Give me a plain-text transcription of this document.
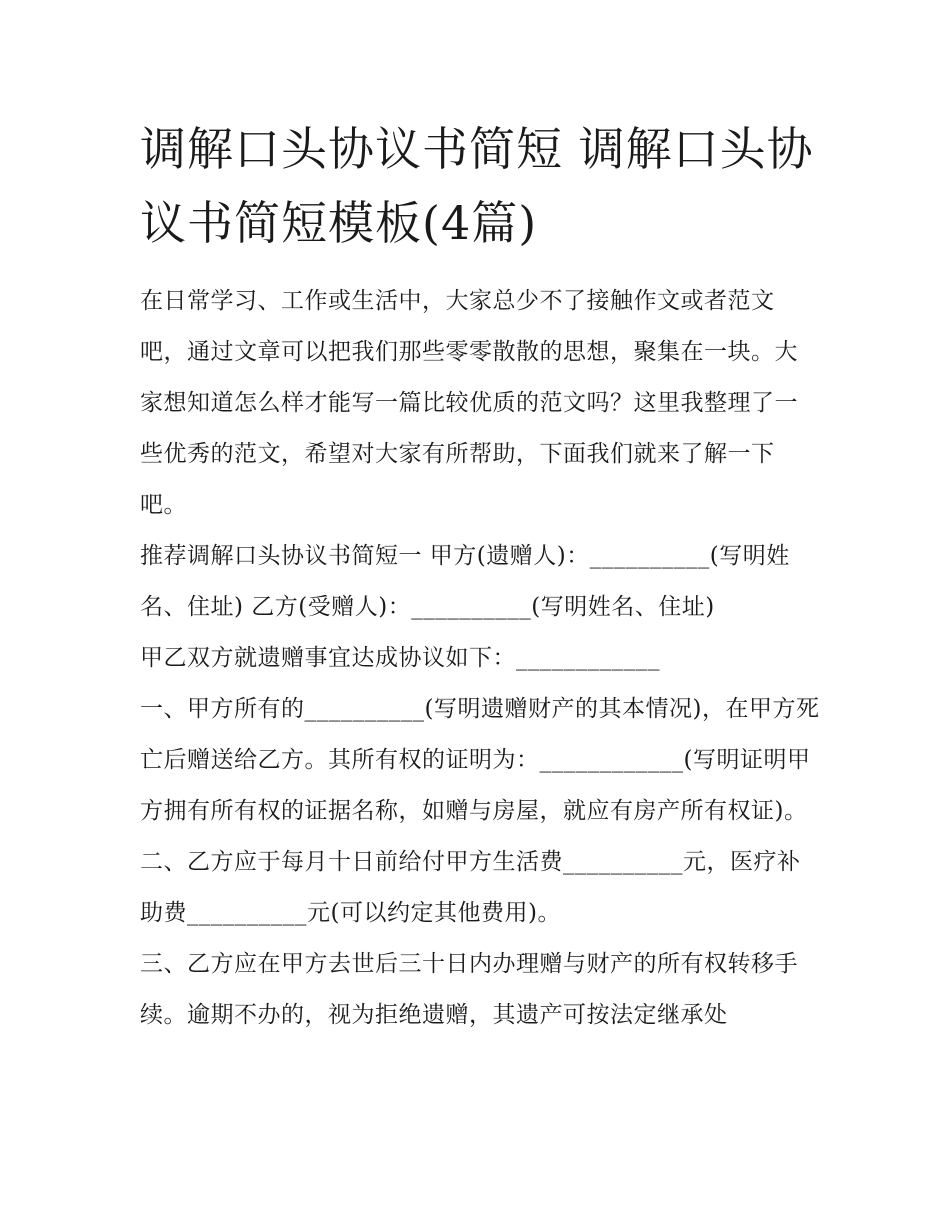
调解口头协议书简短 调解口头协议书简短模板(4篇)

在日常学习、工作或生活中，大家总少不了接触作文或者范文吧，通过文章可以把我们那些零零散散的思想，聚集在一块。大家想知道怎么样才能写一篇比较优质的范文吗？这里我整理了一些优秀的范文，希望对大家有所帮助，下面我们就来了解一下吧。

推荐调解口头协议书简短一 甲方(遗赠人)：__________(写明姓名、住址) 乙方(受赠人)：__________(写明姓名、住址)

甲乙双方就遗赠事宜达成协议如下：____________

一、甲方所有的__________(写明遗赠财产的其本情况)，在甲方死亡后赠送给乙方。其所有权的证明为：____________(写明证明甲方拥有所有权的证据名称，如赠与房屋，就应有房产所有权证)。

二、乙方应于每月十日前给付甲方生活费__________元，医疗补助费__________元(可以约定其他费用)。

三、乙方应在甲方去世后三十日内办理赠与财产的所有权转移手续。逾期不办的，视为拒绝遗赠，其遗产可按法定继承处
